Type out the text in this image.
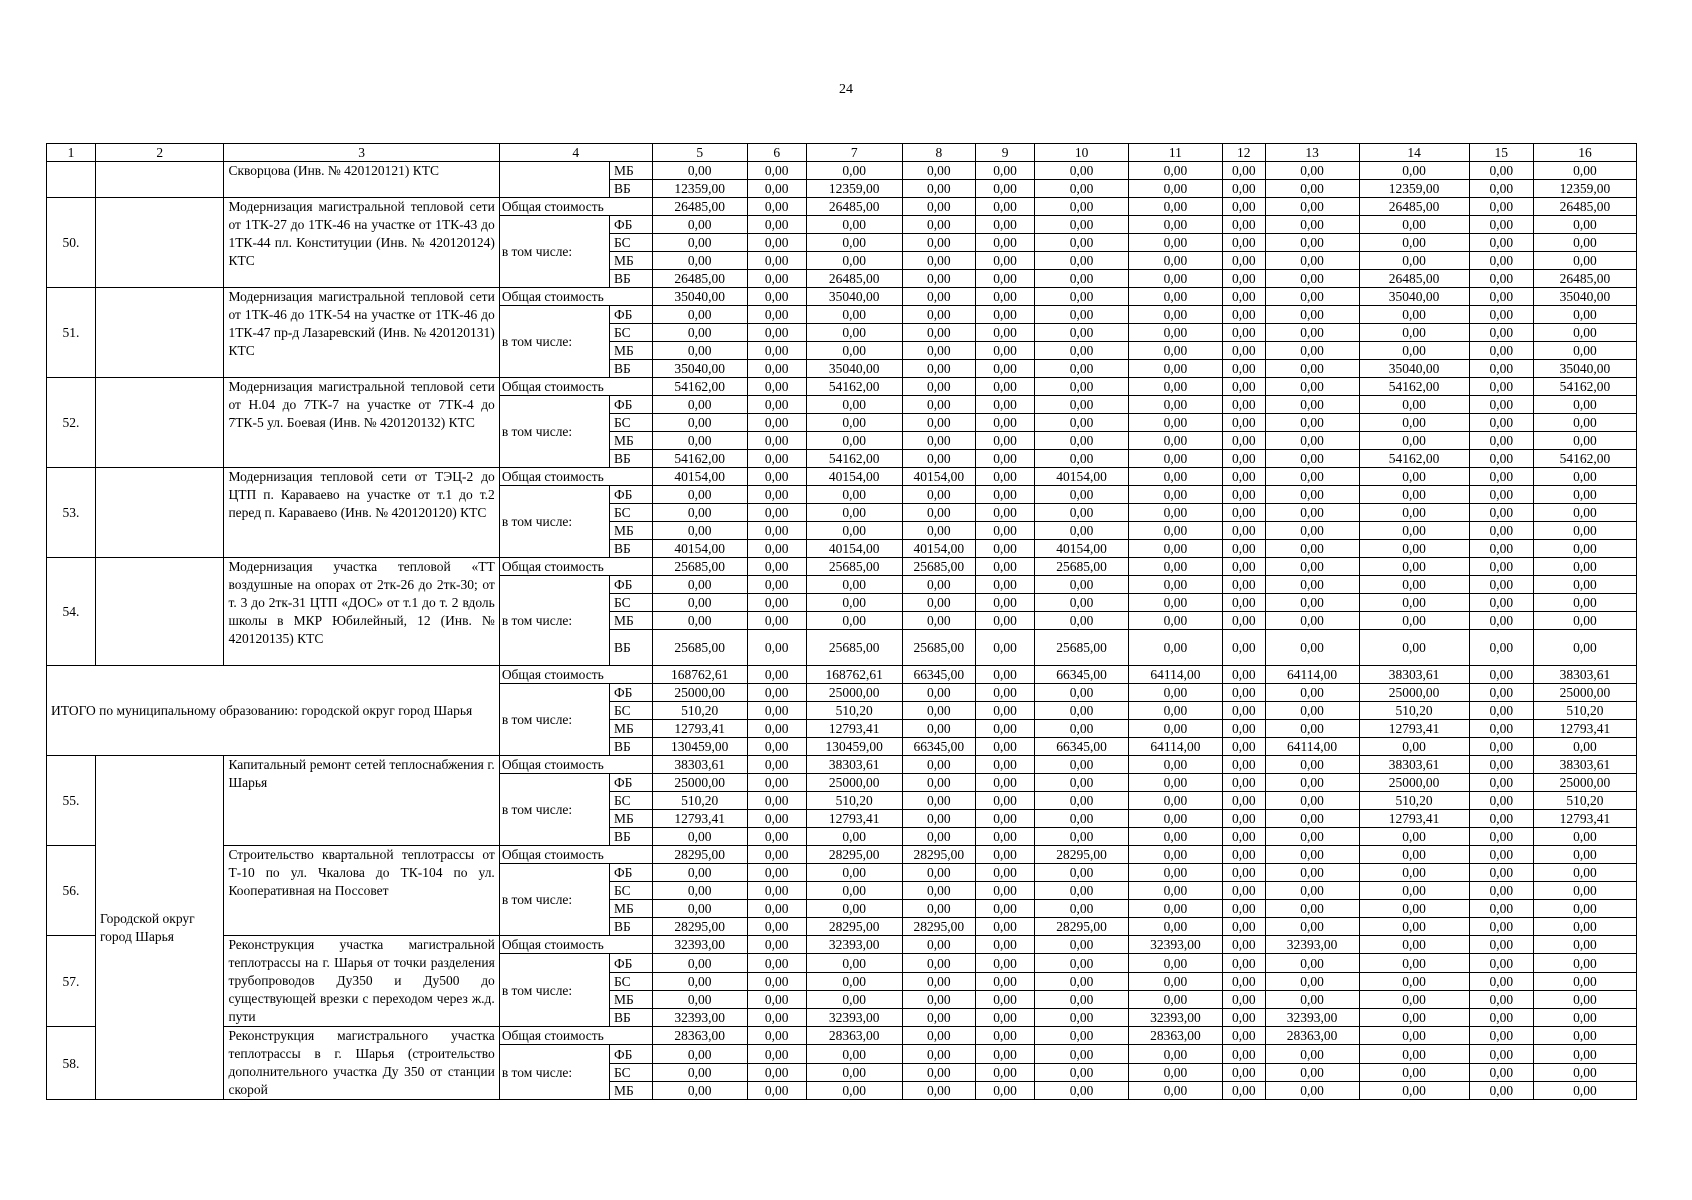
24
1	2	3	4		5	6	7	8	9	10	11	12	13	14	15	16
		Скворцова (Инв. № 420120121) КТС		МБ	0,00	0,00	0,00	0,00	0,00	0,00	0,00	0,00	0,00	0,00	0,00	0,00
				ВБ	12359,00	0,00	12359,00	0,00	0,00	0,00	0,00	0,00	0,00	12359,00	0,00	12359,00
50.		Модернизация магистральной тепловой сети от 1ТК-27 до 1ТК-46 на участке от 1ТК-43 до 1ТК-44 пл. Конституции (Инв. № 420120124) КТС	Общая стоимость		26485,00	0,00	26485,00	0,00	0,00	0,00	0,00	0,00	0,00	26485,00	0,00	26485,00
			в том числе:	ФБ	0,00	0,00	0,00	0,00	0,00	0,00	0,00	0,00	0,00	0,00	0,00	0,00
				БС	0,00	0,00	0,00	0,00	0,00	0,00	0,00	0,00	0,00	0,00	0,00	0,00
				МБ	0,00	0,00	0,00	0,00	0,00	0,00	0,00	0,00	0,00	0,00	0,00	0,00
				ВБ	26485,00	0,00	26485,00	0,00	0,00	0,00	0,00	0,00	0,00	26485,00	0,00	26485,00
51.		Модернизация магистральной тепловой сети от 1ТК-46 до 1ТК-54 на участке от 1ТК-46 до 1ТК-47 пр-д Лазаревский (Инв. № 420120131) КТС	Общая стоимость		35040,00	0,00	35040,00	0,00	0,00	0,00	0,00	0,00	0,00	35040,00	0,00	35040,00
			в том числе:	ФБ	0,00	0,00	0,00	0,00	0,00	0,00	0,00	0,00	0,00	0,00	0,00	0,00
				БС	0,00	0,00	0,00	0,00	0,00	0,00	0,00	0,00	0,00	0,00	0,00	0,00
				МБ	0,00	0,00	0,00	0,00	0,00	0,00	0,00	0,00	0,00	0,00	0,00	0,00
				ВБ	35040,00	0,00	35040,00	0,00	0,00	0,00	0,00	0,00	0,00	35040,00	0,00	35040,00
52.		Модернизация магистральной тепловой сети от Н.04 до 7ТК-7 на участке от 7ТК-4 до 7ТК-5 ул. Боевая (Инв. № 420120132) КТС	Общая стоимость		54162,00	0,00	54162,00	0,00	0,00	0,00	0,00	0,00	0,00	54162,00	0,00	54162,00
			в том числе:	ФБ	0,00	0,00	0,00	0,00	0,00	0,00	0,00	0,00	0,00	0,00	0,00	0,00
				БС	0,00	0,00	0,00	0,00	0,00	0,00	0,00	0,00	0,00	0,00	0,00	0,00
				МБ	0,00	0,00	0,00	0,00	0,00	0,00	0,00	0,00	0,00	0,00	0,00	0,00
				ВБ	54162,00	0,00	54162,00	0,00	0,00	0,00	0,00	0,00	0,00	54162,00	0,00	54162,00
53.		Модернизация тепловой сети от ТЭЦ-2 до ЦТП п. Караваево на участке от т.1 до т.2 перед п. Караваево (Инв. № 420120120) КТС	Общая стоимость		40154,00	0,00	40154,00	40154,00	0,00	40154,00	0,00	0,00	0,00	0,00	0,00	0,00
			в том числе:	ФБ	0,00	0,00	0,00	0,00	0,00	0,00	0,00	0,00	0,00	0,00	0,00	0,00
				БС	0,00	0,00	0,00	0,00	0,00	0,00	0,00	0,00	0,00	0,00	0,00	0,00
				МБ	0,00	0,00	0,00	0,00	0,00	0,00	0,00	0,00	0,00	0,00	0,00	0,00
				ВБ	40154,00	0,00	40154,00	40154,00	0,00	40154,00	0,00	0,00	0,00	0,00	0,00	0,00
54.		Модернизация участка тепловой «ТТ воздушные на опорах от 2тк-26 до 2тк-30; от т. 3 до 2тк-31 ЦТП «ДОС» от т.1 до т. 2 вдоль школы в МКР Юбилейный, 12 (Инв. № 420120135) КТС	Общая стоимость		25685,00	0,00	25685,00	25685,00	0,00	25685,00	0,00	0,00	0,00	0,00	0,00	0,00
			в том числе:	ФБ	0,00	0,00	0,00	0,00	0,00	0,00	0,00	0,00	0,00	0,00	0,00	0,00
				БС	0,00	0,00	0,00	0,00	0,00	0,00	0,00	0,00	0,00	0,00	0,00	0,00
				МБ	0,00	0,00	0,00	0,00	0,00	0,00	0,00	0,00	0,00	0,00	0,00	0,00
				ВБ	25685,00	0,00	25685,00	25685,00	0,00	25685,00	0,00	0,00	0,00	0,00	0,00	0,00
ИТОГО по муниципальному образованию: городской округ город Шарья			Общая стоимость		168762,61	0,00	168762,61	66345,00	0,00	66345,00	64114,00	0,00	64114,00	38303,61	0,00	38303,61
			в том числе:	ФБ	25000,00	0,00	25000,00	0,00	0,00	0,00	0,00	0,00	0,00	25000,00	0,00	25000,00
				БС	510,20	0,00	510,20	0,00	0,00	0,00	0,00	0,00	0,00	510,20	0,00	510,20
				МБ	12793,41	0,00	12793,41	0,00	0,00	0,00	0,00	0,00	0,00	12793,41	0,00	12793,41
				ВБ	130459,00	0,00	130459,00	66345,00	0,00	66345,00	64114,00	0,00	64114,00	0,00	0,00	0,00
55.	Городской округ город Шарья	Капитальный ремонт сетей теплоснабжения г. Шарья	Общая стоимость		38303,61	0,00	38303,61	0,00	0,00	0,00	0,00	0,00	0,00	38303,61	0,00	38303,61
			в том числе:	ФБ	25000,00	0,00	25000,00	0,00	0,00	0,00	0,00	0,00	0,00	25000,00	0,00	25000,00
				БС	510,20	0,00	510,20	0,00	0,00	0,00	0,00	0,00	0,00	510,20	0,00	510,20
				МБ	12793,41	0,00	12793,41	0,00	0,00	0,00	0,00	0,00	0,00	12793,41	0,00	12793,41
				ВБ	0,00	0,00	0,00	0,00	0,00	0,00	0,00	0,00	0,00	0,00	0,00	0,00
56.		Строительство квартальной теплотрассы от Т-10 по ул. Чкалова до ТК-104 по ул. Кооперативная на Поссовет	Общая стоимость		28295,00	0,00	28295,00	28295,00	0,00	28295,00	0,00	0,00	0,00	0,00	0,00	0,00
			в том числе:	ФБ	0,00	0,00	0,00	0,00	0,00	0,00	0,00	0,00	0,00	0,00	0,00	0,00
				БС	0,00	0,00	0,00	0,00	0,00	0,00	0,00	0,00	0,00	0,00	0,00	0,00
				МБ	0,00	0,00	0,00	0,00	0,00	0,00	0,00	0,00	0,00	0,00	0,00	0,00
				ВБ	28295,00	0,00	28295,00	28295,00	0,00	28295,00	0,00	0,00	0,00	0,00	0,00	0,00
57.		Реконструкция участка магистральной теплотрассы на г. Шарья от точки разделения трубопроводов Ду350 и Ду500 до существующей врезки с переходом через ж.д. пути	Общая стоимость		32393,00	0,00	32393,00	0,00	0,00	0,00	32393,00	0,00	32393,00	0,00	0,00	0,00
			в том числе:	ФБ	0,00	0,00	0,00	0,00	0,00	0,00	0,00	0,00	0,00	0,00	0,00	0,00
				БС	0,00	0,00	0,00	0,00	0,00	0,00	0,00	0,00	0,00	0,00	0,00	0,00
				МБ	0,00	0,00	0,00	0,00	0,00	0,00	0,00	0,00	0,00	0,00	0,00	0,00
				ВБ	32393,00	0,00	32393,00	0,00	0,00	0,00	32393,00	0,00	32393,00	0,00	0,00	0,00
58.		Реконструкция магистрального участка теплотрассы в г. Шарья (строительство дополнительного участка Ду 350 от станции скорой	Общая стоимость		28363,00	0,00	28363,00	0,00	0,00	0,00	28363,00	0,00	28363,00	0,00	0,00	0,00
			в том числе:	ФБ	0,00	0,00	0,00	0,00	0,00	0,00	0,00	0,00	0,00	0,00	0,00	0,00
				БС	0,00	0,00	0,00	0,00	0,00	0,00	0,00	0,00	0,00	0,00	0,00	0,00
				МБ	0,00	0,00	0,00	0,00	0,00	0,00	0,00	0,00	0,00	0,00	0,00	0,00
